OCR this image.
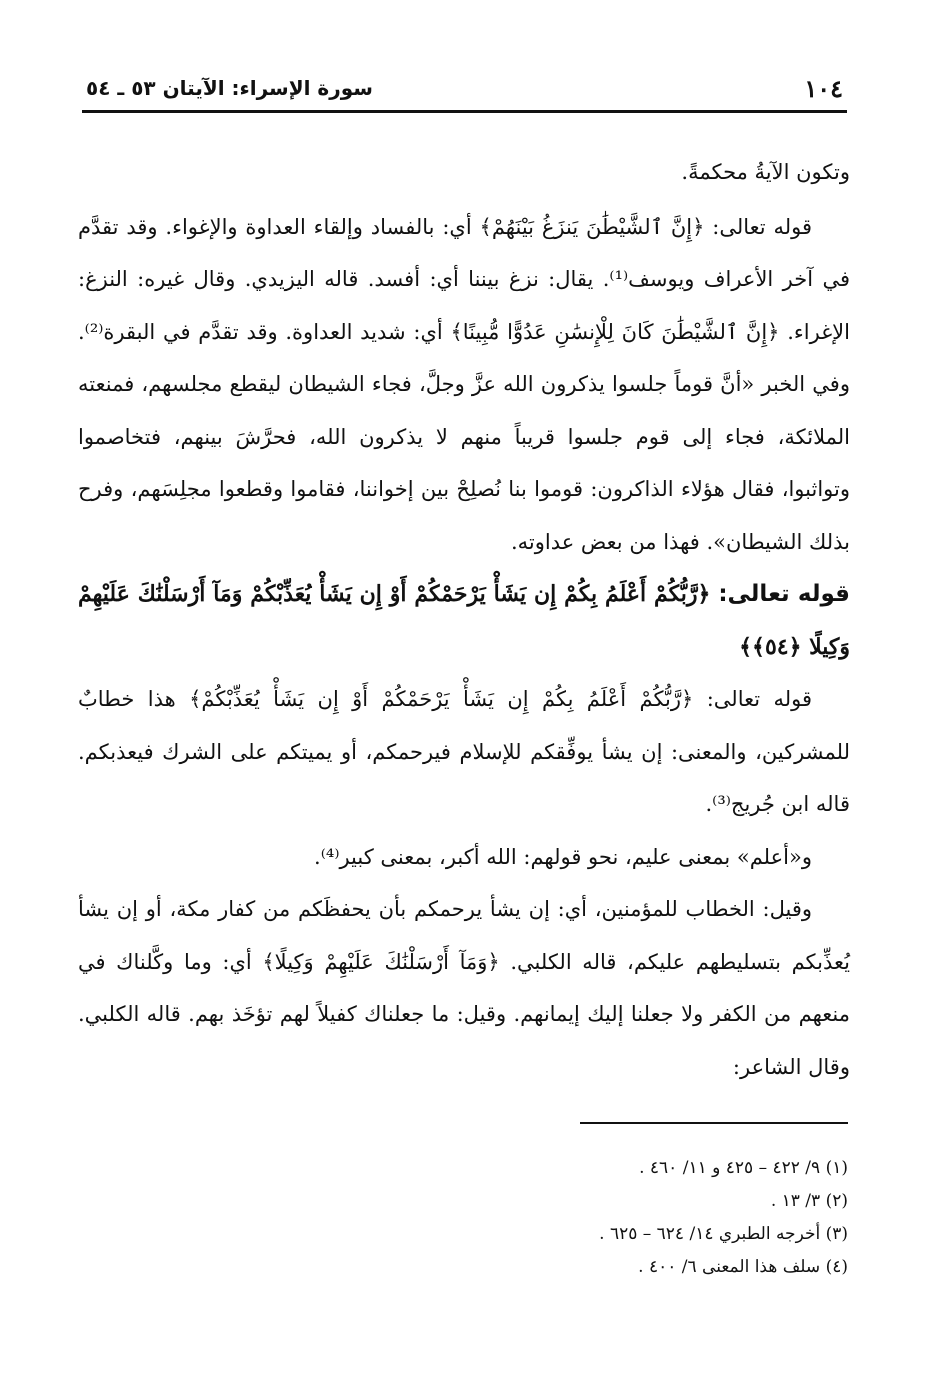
١٠٤
سورة الإسراء: الآيتان ٥٣ ـ ٥٤

وتكون الآيةُ محكمةً.

قوله تعالى: ﴿إِنَّ ٱلشَّيْطَٰنَ يَنزَغُ بَيْنَهُمْ﴾ أي: بالفساد وإلقاء العداوة والإغواء. وقد تقدَّم في آخر الأعراف ويوسف⁽¹⁾. يقال: نزغ بيننا أي: أفسد. قاله اليزيدي. وقال غيره: النزغ: الإغراء. ﴿إِنَّ ٱلشَّيْطَٰنَ كَانَ لِلْإِنسَٰنِ عَدُوًّا مُّبِينًا﴾ أي: شديد العداوة. وقد تقدَّم في البقرة⁽²⁾. وفي الخبر «أنَّ قوماً جلسوا يذكرون الله عزَّ وجلَّ، فجاء الشيطان ليقطع مجلسهم، فمنعته الملائكة، فجاء إلى قوم جلسوا قريباً منهم لا يذكرون الله، فحرَّشَ بينهم، فتخاصموا وتواثبوا، فقال هؤلاء الذاكرون: قوموا بنا نُصلِحْ بين إخواننا، فقاموا وقطعوا مجلِسَهم، وفرح بذلك الشيطان». فهذا من بعض عداوته.

قوله تعالى: ﴿رَّبُّكُمْ أَعْلَمُ بِكُمْ إِن يَشَأْ يَرْحَمْكُمْ أَوْ إِن يَشَأْ يُعَذِّبْكُمْ وَمَآ أَرْسَلْنَٰكَ عَلَيْهِمْ وَكِيلًا ﴿٥٤﴾﴾

قوله تعالى: ﴿رَّبُّكُمْ أَعْلَمُ بِكُمْ إِن يَشَأْ يَرْحَمْكُمْ أَوْ إِن يَشَأْ يُعَذِّبْكُمْ﴾ هذا خطابٌ للمشركين، والمعنى: إن يشأ يوفِّقكم للإسلام فيرحمكم، أو يميتكم على الشرك فيعذبكم. قاله ابن جُريج⁽³⁾.

و«أعلم» بمعنى عليم، نحو قولهم: الله أكبر، بمعنى كبير⁽⁴⁾.

وقيل: الخطاب للمؤمنين، أي: إن يشأ يرحمكم بأن يحفظَكم من كفار مكة، أو إن يشأ يُعذِّبكم بتسليطهم عليكم، قاله الكلبي. ﴿وَمَآ أَرْسَلْنَٰكَ عَلَيْهِمْ وَكِيلًا﴾ أي: وما وكَّلناك في منعهم من الكفر ولا جعلنا إليك إيمانهم. وقيل: ما جعلناك كفيلاً لهم تؤخَذ بهم. قاله الكلبي. وقال الشاعر:

(١) ٩/ ٤٢٢ – ٤٢٥ و ١١/ ٤٦٠ .
(٢) ٣/ ١٣ .
(٣) أخرجه الطبري ١٤/ ٦٢٤ – ٦٢٥ .
(٤) سلف هذا المعنى ٦/ ٤٠٠ .
